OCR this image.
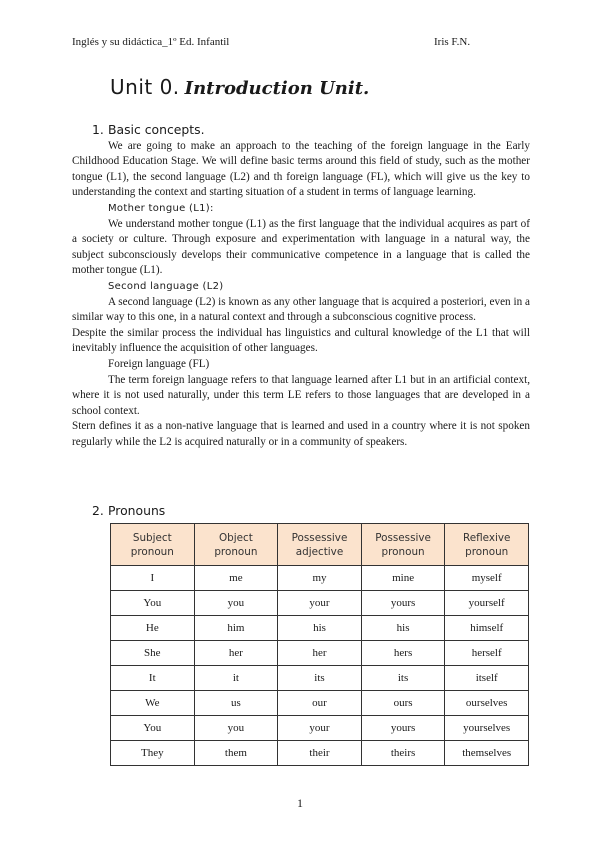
Inglés y su didáctica_1º Ed. Infantil	Iris F.N.
Unit 0. Introduction Unit.
1. Basic concepts.

We are going to make an approach to the teaching of the foreign language in the Early Childhood Education Stage. We will define basic terms around this field of study, such as the mother tongue (L1), the second language (L2) and th foreign language (FL), which will give us the key to understanding the context and starting situation of a student in terms of language learning.

Mother tongue (L1):

We understand mother tongue (L1) as the first language that the individual acquires as part of a society or culture. Through exposure and experimentation with language in a natural way, the subject subconsciously develops their communicative competence in a language that is called the mother tongue (L1).

Second language (L2)

A second language (L2) is known as any other language that is acquired a posteriori, even in a similar way to this one, in a natural context and through a subconscious cognitive process.

Despite the similar process the individual has linguistics and cultural knowledge of the L1 that will inevitably influence the acquisition of other languages.

Foreign language (FL)

The term foreign language refers to that language learned after L1 but in an artificial context, where it is not used naturally, under this term LE refers to those languages that are developed in a school context.

Stern defines it as a non-native language that is learned and used in a country where it is not spoken regularly while the L2 is acquired naturally or in a community of speakers.

2. Pronouns
Subject
pronoun	Object
pronoun	Possessive
adjective	Possessive
pronoun	Reflexive
pronoun
I	me	my	mine	myself
You	you	your	yours	yourself
He	him	his	his	himself
She	her	her	hers	herself
It	it	its	its	itself
We	us	our	ours	ourselves
You	you	your	yours	yourselves
They	them	their	theirs	themselves
1
